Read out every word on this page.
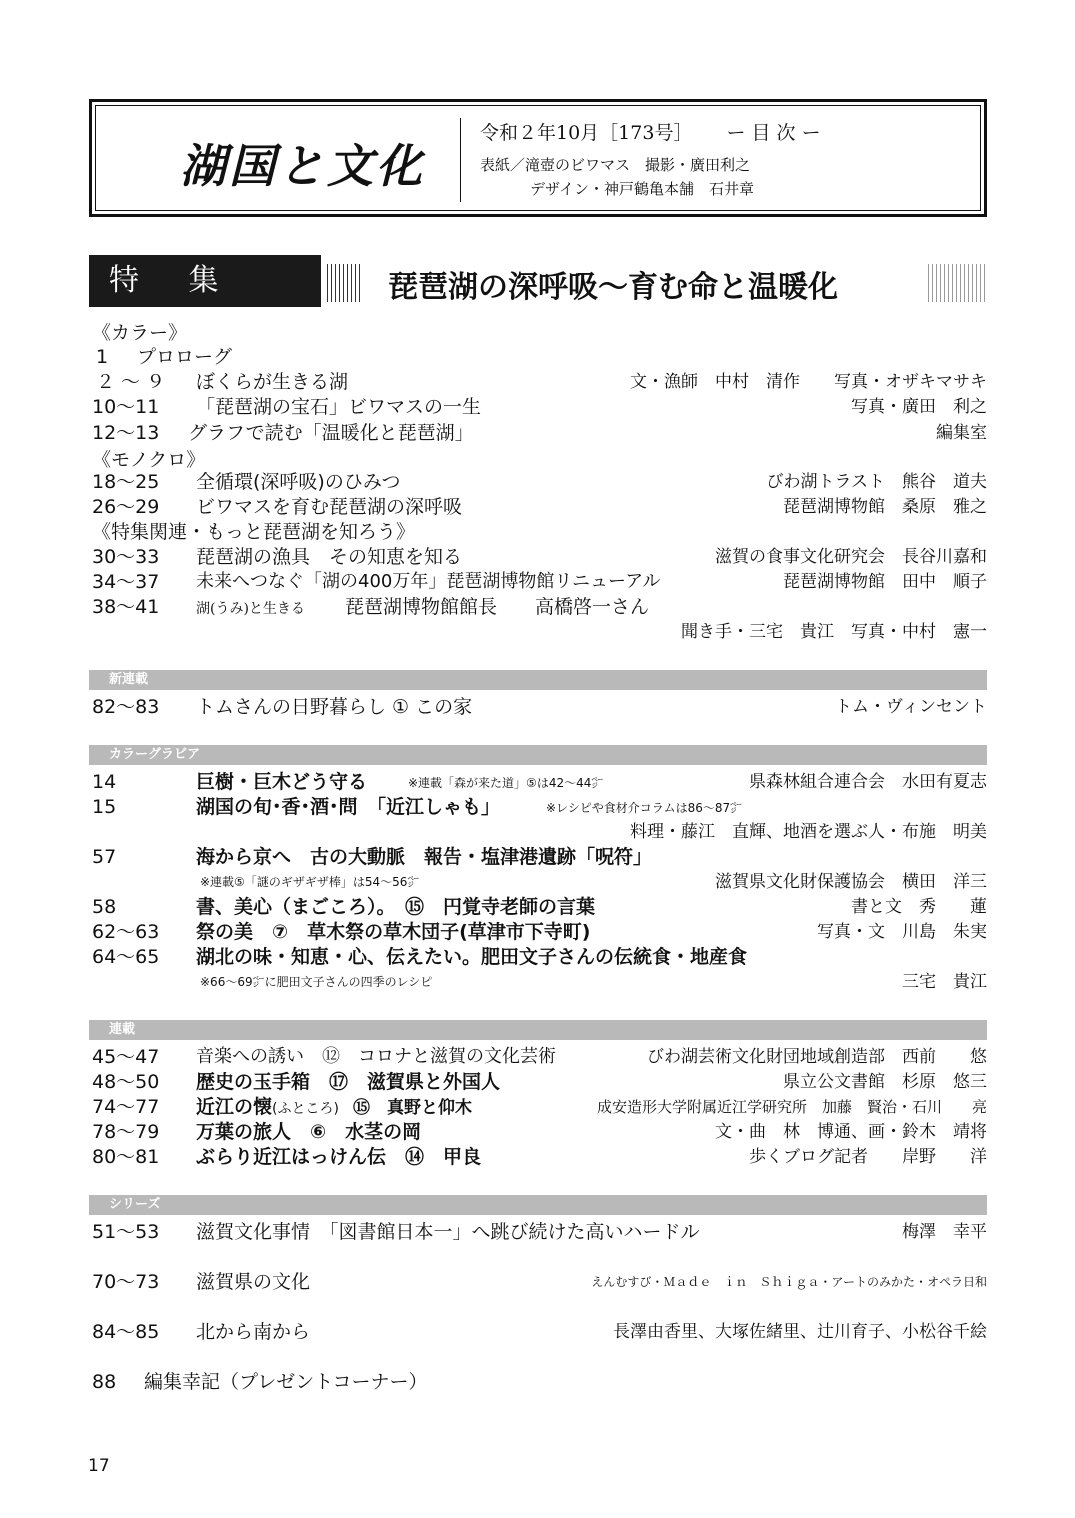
湖国と文化
令和２年10月［173号］ ー 目 次 ー
表紙／滝壺のビワマス　撮影・廣田利之
デザイン・神戸鶴亀本舗　石井章
特 集	琵琶湖の深呼吸〜育む命と温暖化
《カラー》
《モノクロ》
《特集関連・もっと琵琶湖を知ろう》
1 プロローグ
２ 〜 ９ ぼくらが生きる湖	文・漁師　中村　清作　　写真・オザキマサキ
10〜11 「琵琶湖の宝石」ビワマスの一生	写真・廣田　利之
12〜13 グラフで読む「温暖化と琵琶湖」	編集室
18〜25 全循環(深呼吸)のひみつ	びわ湖トラスト　熊谷　道夫
26〜29 ビワマスを育む琵琶湖の深呼吸	琵琶湖博物館　桑原　雅之
30〜33 琵琶湖の漁具　その知恵を知る	滋賀の食事文化研究会　長谷川嘉和
34〜37 未来へつなぐ「湖の400万年」琵琶湖博物館リニューアル	琵琶湖博物館　田中　順子
38〜41	湖(うみ)と生きる 琵琶湖博物館館長　　高橋啓一さん
聞き手・三宅　貴江　写真・中村　憲一
新連載
82〜83 トムさんの日野暮らし ① この家	トム・ヴィンセント
カラーグラビア
14	巨樹・巨木どう守る	※連載「森が来た道」⑤は42〜44㌻	県森林組合連合会　水田有夏志
15	湖国の旬･香･酒･問　「近江しゃも」	※レシピや食材介コラムは86〜87㌻
料理・藤江　直輝、地酒を選ぶ人・布施　明美
57	海から京へ　古の大動脈　報告・塩津港遺跡「呪符」
※連載⑤「謎のギザギザ棒」は54〜56㌻	滋賀県文化財保護協会　横田　洋三
58	書、美心（まごころ）。　⑮　円覚寺老師の言葉	書と文　秀　　蓮
62〜63 祭の美　⑦　草木祭の草木団子(草津市下寺町)	写真・文　川島　朱実
64〜65 湖北の味・知恵・心、伝えたい。肥田文子さんの伝統食・地産食
※66〜69㌻に肥田文子さんの四季のレシピ	三宅　貴江
連載
45〜47 音楽への誘い　⑫　コロナと滋賀の文化芸術	びわ湖芸術文化財団地域創造部　西前　　悠
48〜50 歴史の玉手箱　⑰　滋賀県と外国人	県立公文書館　杉原　悠三
74〜77 近江の懐(ふところ) ⑮　真野と仰木	成安造形大学附属近江学研究所　加藤　賢治・石川　　亮
78〜79 万葉の旅人　⑥　水茎の岡	文・曲　林　博通、画・鈴木　靖将
80〜81 ぶらり近江はっけん伝　⑭　甲良	歩くブログ記者　　岸野　　洋
シリーズ
51〜53 滋賀文化事情　「図書館日本一」へ跳び続けた高いハードル	梅澤　幸平
70〜73 滋賀県の文化	えんむすび・Ｍａｄｅ　ｉｎ　Ｓｈｉｇａ・アートのみかた・オペラ日和
84〜85 北から南から	長澤由香里、大塚佐緒里、辻川育子、小松谷千絵
88 編集幸記（プレゼントコーナー）
17
